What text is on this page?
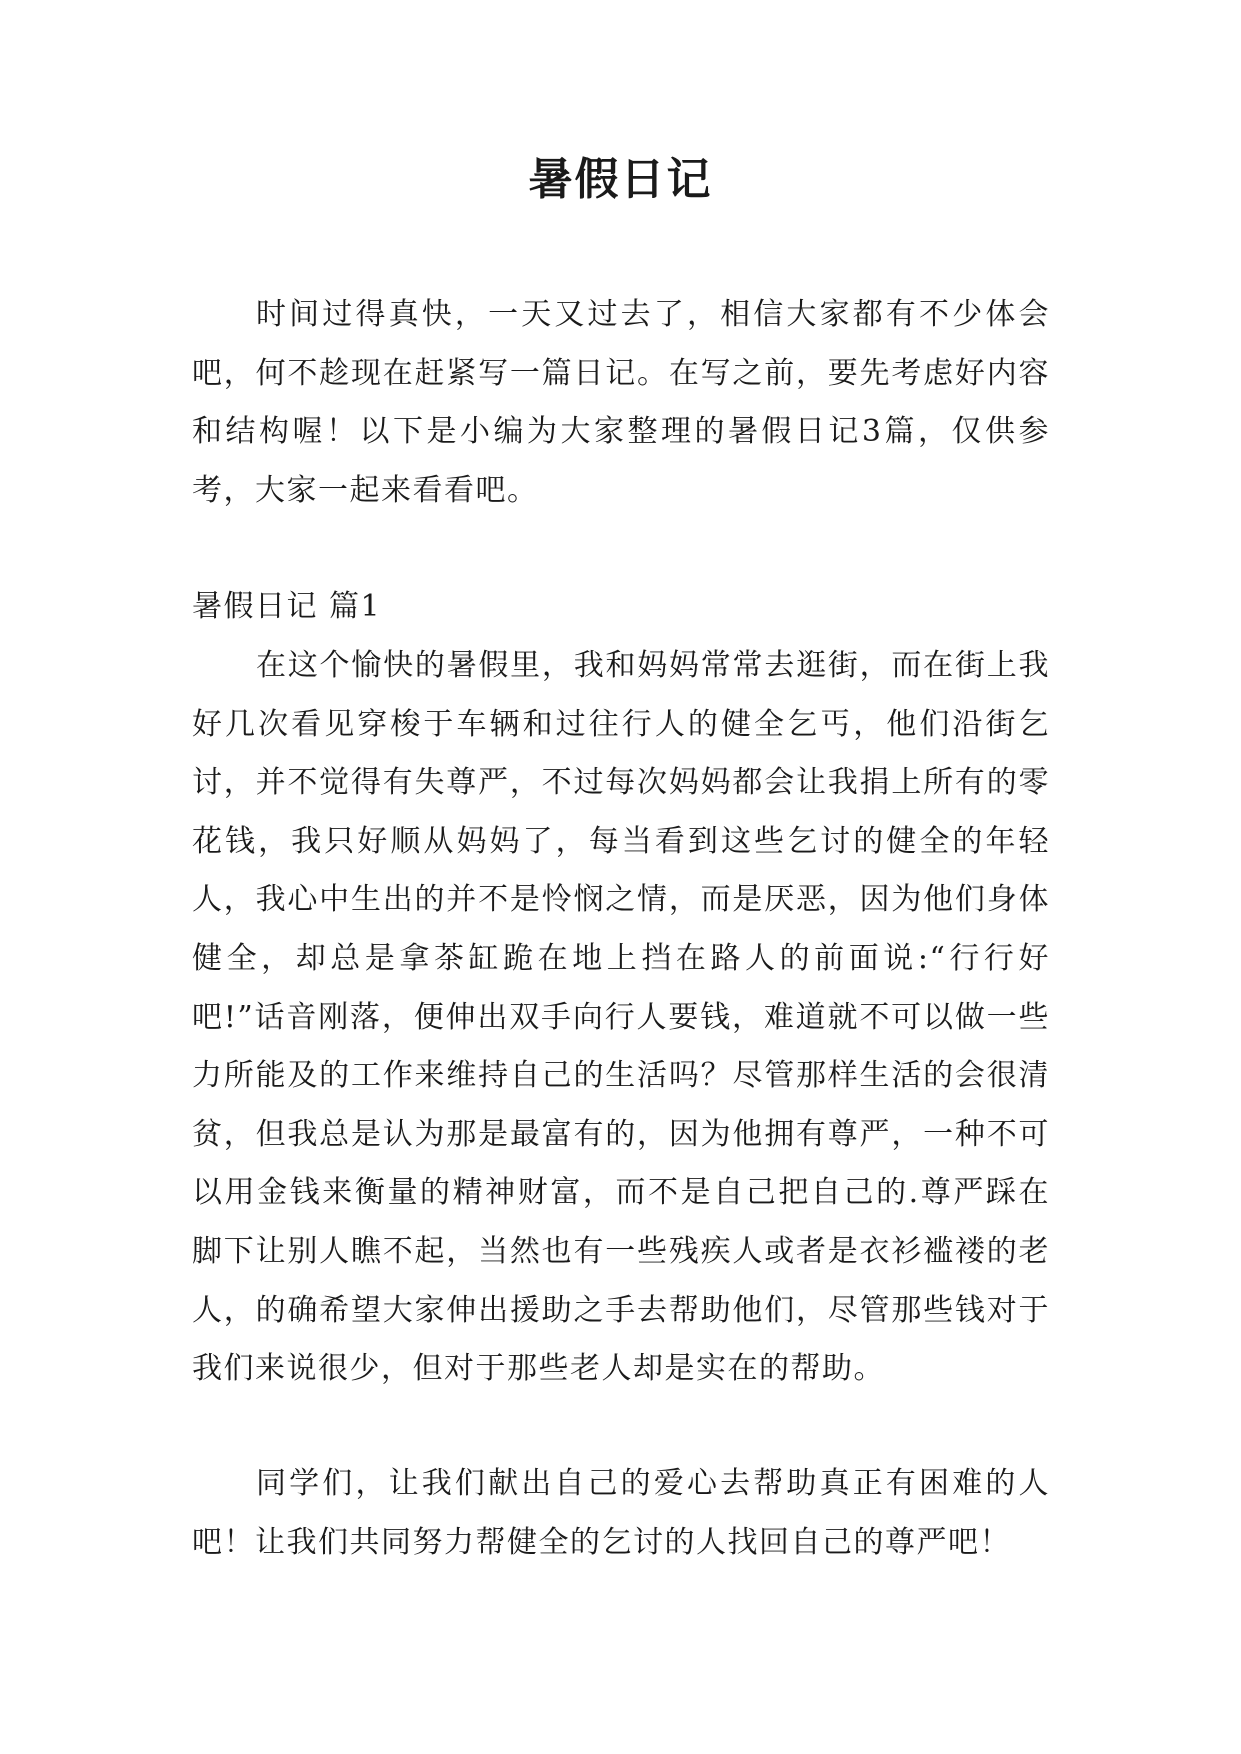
暑假日记

时间过得真快，一天又过去了，相信大家都有不少体会吧，何不趁现在赶紧写一篇日记。在写之前，要先考虑好内容和结构喔！以下是小编为大家整理的暑假日记3篇，仅供参考，大家一起来看看吧。

暑假日记 篇1

在这个愉快的暑假里，我和妈妈常常去逛街，而在街上我好几次看见穿梭于车辆和过往行人的健全乞丐，他们沿街乞讨，并不觉得有失尊严，不过每次妈妈都会让我捐上所有的零花钱，我只好顺从妈妈了，每当看到这些乞讨的健全的年轻人，我心中生出的并不是怜悯之情，而是厌恶，因为他们身体健全，却总是拿茶缸跪在地上挡在路人的前面说:“行行好吧!”话音刚落，便伸出双手向行人要钱，难道就不可以做一些力所能及的工作来维持自己的生活吗？尽管那样生活的会很清贫，但我总是认为那是最富有的，因为他拥有尊严，一种不可以用金钱来衡量的精神财富，而不是自己把自己的.尊严踩在脚下让别人瞧不起，当然也有一些残疾人或者是衣衫褴褛的老人，的确希望大家伸出援助之手去帮助他们，尽管那些钱对于我们来说很少，但对于那些老人却是实在的帮助。

同学们，让我们献出自己的爱心去帮助真正有困难的人吧！让我们共同努力帮健全的乞讨的人找回自己的尊严吧！
